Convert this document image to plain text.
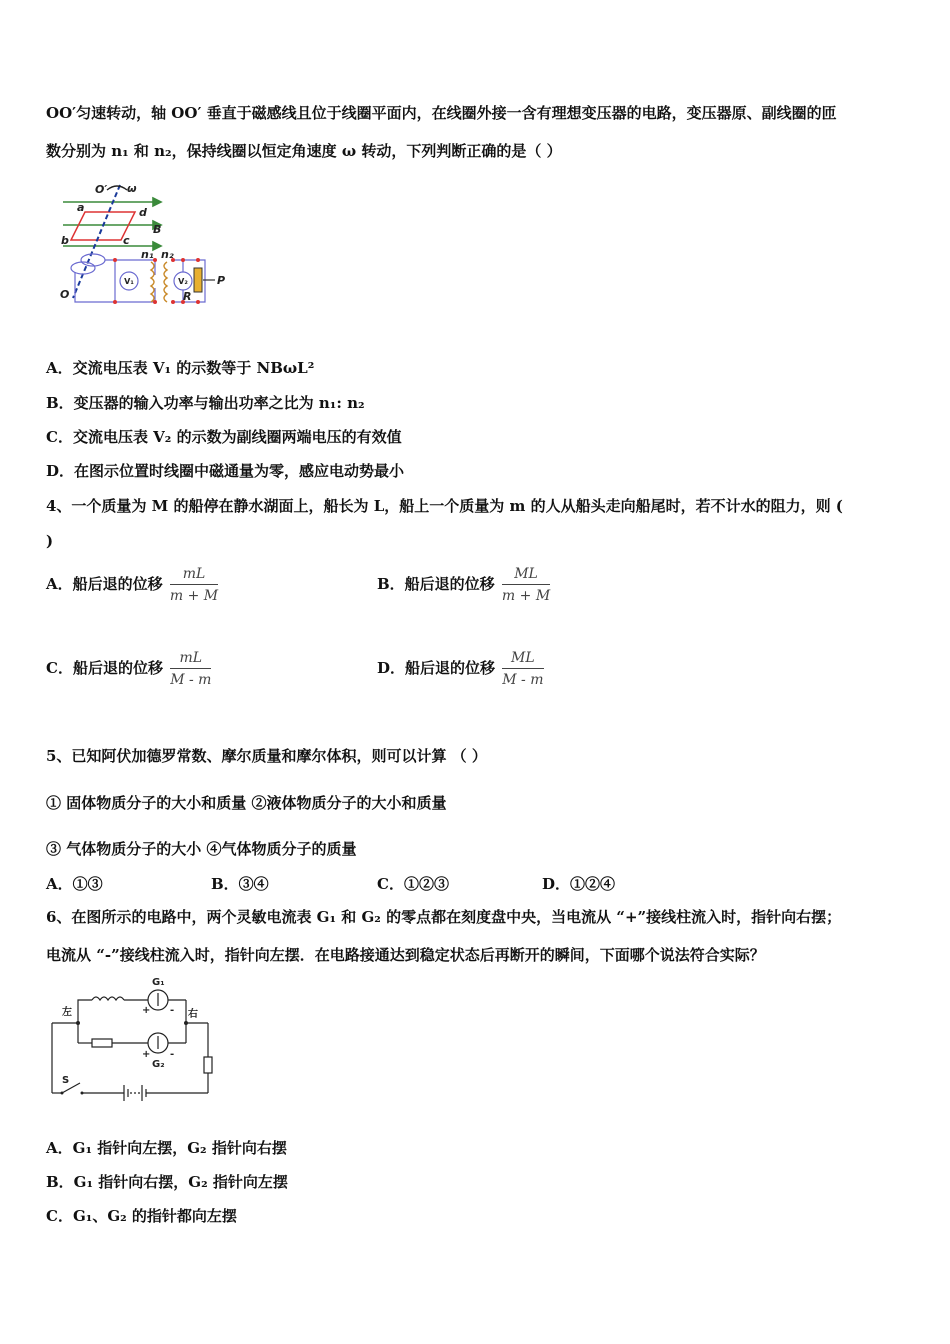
OO′匀速转动，轴 OO′ 垂直于磁感线且位于线圈平面内，在线圈外接一含有理想变压器的电路，变压器原、副线圈的匝
数分别为 n₁ 和 n₂，保持线圈以恒定角速度 ω 转动，下列判断正确的是（ ）
O′ ω
a	d
B
b	c
n₁ n₂
P
R
O
V₁	V₂
A．交流电压表 V₁ 的示数等于 NBωL²
B．变压器的输入功率与输出功率之比为 n₁: n₂
C．交流电压表 V₂ 的示数为副线圈两端电压的有效值
D．在图示位置时线圈中磁通量为零，感应电动势最小
4、一个质量为 M 的船停在静水湖面上，船长为 L，船上一个质量为 m 的人从船头走向船尾时，若不计水的阻力，则 (
)
A．船后退的位移 $\frac{mL}{m + M}$	B．船后退的位移 $\frac{ML}{m + M}$
C．船后退的位移 $\frac{mL}{M - m}$	D．船后退的位移 $\frac{ML}{M - m}$
5、已知阿伏加德罗常数、摩尔质量和摩尔体积，则可以计算 （ ）
① 固体物质分子的大小和质量 ②液体物质分子的大小和质量
③ 气体物质分子的大小 ④气体物质分子的质量
A．①③	B．③④	C．①②③	D．①②④
6、在图所示的电路中，两个灵敏电流表 G₁ 和 G₂ 的零点都在刻度盘中央，当电流从 “+”接线柱流入时，指针向右摆；
电流从 “-”接线柱流入时，指针向左摆．在电路接通达到稳定状态后再断开的瞬间，下面哪个说法符合实际？
左	右
G₁
G₂
S
+ -
+ -
A．G₁ 指针向左摆，G₂ 指针向右摆
B．G₁ 指针向右摆，G₂ 指针向左摆
C．G₁、G₂ 的指针都向左摆
